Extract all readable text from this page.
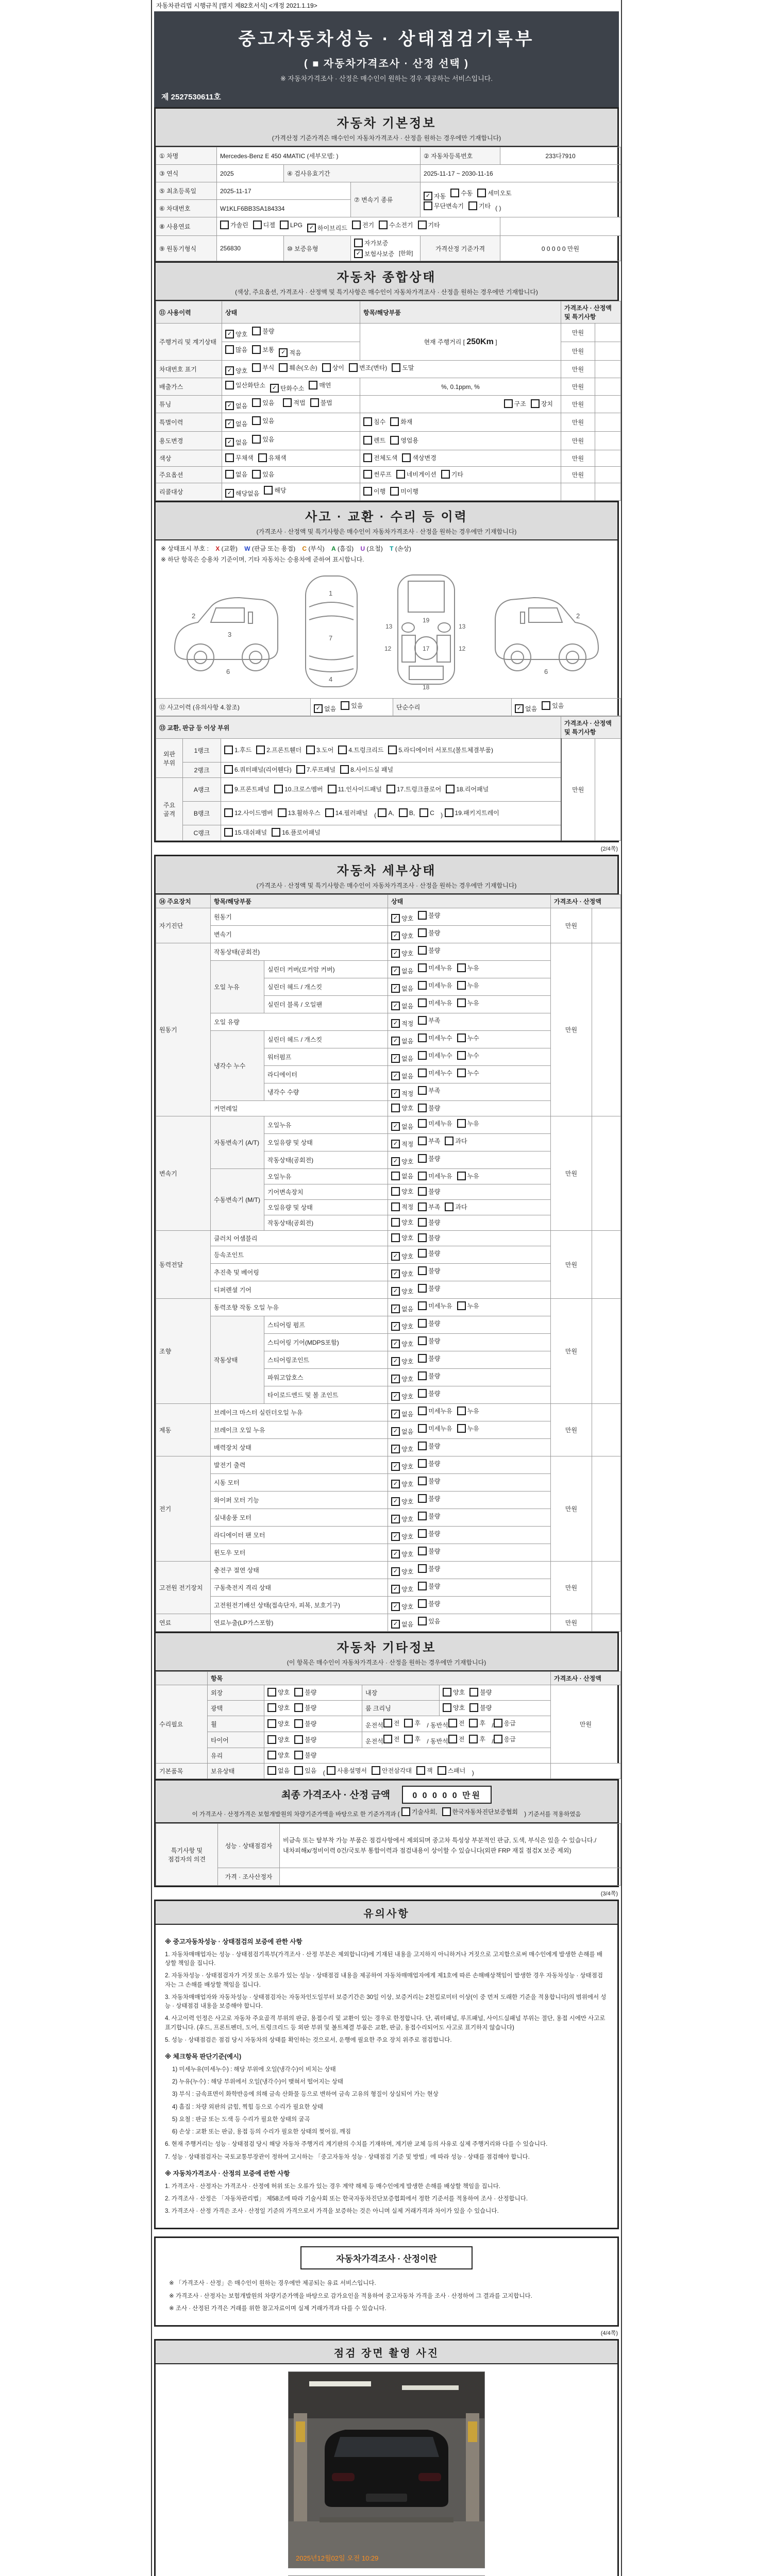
자동차관리법 시행규칙 [별지 제82호서식] <개정 2021.1.19>
중고자동차성능 · 상태점검기록부
( ■ 자동차가격조사 · 산정 선택 )
※ 자동차가격조사 · 산정은 매수인이 원하는 경우 제공하는 서비스입니다.
제 2527530611호
자동차 기본정보
(가격산정 기준가격은 매수인이 자동차가격조사 · 산정을 원하는 경우에만 기재합니다)
① 차명	Mercedes-Benz E 450 4MATIC (세부모델: )			② 자동차등록번호	233다7910
③ 연식	2025	④ 검사유효기간		2025-11-17 ~ 2030-11-16	
⑤ 최초등록일	2025-11-17	⑦ 변속기 종류	
✓ 자동 수동 세미오토
무단변속기 기타 ( )

⑥ 차대번호	W1KLF6BB3SA184334				
⑧ 사용연료	가솔린 디젤 LPG	✓ 하이브리드 전기 수소전기 기타

⑨ 원동기형식	256830	⑩ 보증유형	자가보증
✓ 보험사보증 [한화]	가격산정 기준가격	0 0 0 0 0 만원
자동차 종합상태
(색상, 주요옵션, 가격조사 · 산정액 및 특기사항은 매수인이 자동차가격조사 · 산정을 원하는 경우에만 기재합니다)
⑪ 사용이력	상태	항목/해당부품	가격조사 · 산정액 및 특기사항	
주행거리 및 계기상태	✓ 양호 불량	현재 주행거리 [ 250Km ]	만원	

	많음 보통 ✓ 적음		만원	
차대번호 표기	✓ 양호 부식 훼손(오손) 상이 변조(변타) 도말	만원	
배출가스	일산화탄소 ✓ 탄화수소 매연	%, 0.1ppm, %	만원	
튜닝	✓ 없음 있음 적법 불법	구조 장치	만원	
특별이력	✓ 없음 있음	침수 화재	만원	
용도변경	✓ 없음 있음	렌트 영업용	만원	
색상	무채색 유채색	전체도색 색상변경	만원	
주요옵션	없음 있음	썬루프 네비게이션 기타	만원	
리콜대상	✓ 해당없음 해당	이행 미이행		

사고 · 교환 · 수리 등 이력
(가격조사 · 산정액 및 특기사항은 매수인이 자동차가격조사 · 산정을 원하는 경우에만 기재합니다)
※ 상태표시 부호 : X (교환) W (판금 또는 용접) C (부식) A (흠집) U (요철) T (손상)
※ 하단 항목은 승용차 기준이며, 기타 자동차는 승용차에 준하여 표시합니다.
2
3
6
1
7
4
13	13
19
12	12
17
18
2
6
⑫ 사고이력 (유의사항 4.참조)	✓ 없음 있음	단순수리	✓ 없음 있음
⑬ 교환, 판금 등 이상 부위			가격조사 · 산정액 및 특기사항	
외판 부위	1랭크	1.후드 2.프론트휀더 3.도어 4.트렁크리드 5.라디에이터 서포트(볼트체결부품)	만원	
	2랭크	6.쿼터패널(리어휀다) 7.루프패널 8.사이드실 패널		

주요 골격	A랭크	9.프론트패널 10.크로스멤버 11.인사이드패널 17.트렁크플로어 18.리어패널		

B랭크	12.사이드멤버 13.휠하우스 14.필러패널 ( A, B, C ) 19.패키지트레이

	C랭크	15.대쉬패널 16.플로어패널		
(2/4쪽)
자동차 세부상태
(가격조사 · 산정액 및 특기사항은 매수인이 자동차가격조사 · 산정을 원하는 경우에만 기재합니다)
⑭ 주요장치	항목/해당부품		상태	가격조사 · 산정액	
자기진단	원동기		✓ 양호 불량	만원	
	변속기		✓ 양호 불량		

원동기	작동상태(공회전)		✓ 양호 불량	만원	
	오일 누유	실린더 커버(로커암 커버)	✓ 없음 미세누유 누유		

		실린더 헤드 / 개스킷	✓ 없음 미세누유 누유		

		실린더 블록 / 오일팬	✓ 없음 미세누유 누유		

	오일 유량		✓ 적정 부족		

	냉각수 누수	실린더 헤드 / 개스킷	✓ 없음 미세누수 누수		

		워터펌프	✓ 없음 미세누수 누수		

		라디에이터	✓ 없음 미세누수 누수		

		냉각수 수량	✓ 적정 부족		

	커먼레일		양호 불량		

변속기	자동변속기 (A/T)	오일누유	✓ 없음 미세누유 누유	만원	
		오일유량 및 상태	✓ 적정 부족 과다		

		작동상태(공회전)	✓ 양호 불량		

	수동변속기 (M/T)	오일누유	없음 미세누유 누유		

		기어변속장치	양호 불량		

		오일유량 및 상태	적정 부족 과다		

		작동상태(공회전)	양호 불량		

동력전달	클러치 어셈블리		양호 불량	만원	
	등속조인트		✓ 양호 불량		

	추진축 및 베어링		✓ 양호 불량		

	디퍼렌셜 기어		✓ 양호 불량		

조향	동력조향 작동 오일 누유		✓ 없음 미세누유 누유	만원	
	작동상태	스티어링 펌프	✓ 양호 불량		

		스티어링 기어(MDPS포함)	✓ 양호 불량		

		스티어링조인트	✓ 양호 불량		

		파워고압호스	✓ 양호 불량		

		타이로드엔드 및 볼 조인트	✓ 양호 불량		

제동	브레이크 마스터 실린더오일 누유		✓ 없음 미세누유 누유	만원	
	브레이크 오일 누유		✓ 없음 미세누유 누유		

	배력장치 상태		✓ 양호 불량		

전기	발전기 출력		✓ 양호 불량	만원	
	시동 모터		✓ 양호 불량		

	와이퍼 모터 기능		✓ 양호 불량		

	실내송풍 모터		✓ 양호 불량		

	라디에이터 팬 모터		✓ 양호 불량		

	윈도우 모터		✓ 양호 불량		

고전원 전기장치	충전구 절연 상태		✓ 양호 불량	만원	
	구동축전지 격리 상태		✓ 양호 불량		

	고전원전기배선 상태(접속단자, 피복, 보호기구)		✓ 양호 불량		

연료	연료누출(LP가스포함)		✓ 없음 있음	만원	
자동차 기타정보
(이 항목은 매수인이 자동차가격조사 · 산정을 원하는 경우에만 기재합니다)
	항목				가격조사 · 산정액
수리필요	외장	양호 불량	내장	양호 불량	만원
	광택	양호 불량	룸 크리닝	양호 불량	

휠	양호 불량	운전석 전 후 / 동반석 전 후 / 응급

타이어	양호 불량	운전석 전 후 / 동반석 전 후 / 응급

	유리	양호 불량			

기본품목	보유상태	없음 있음 ( 사용설명서 안전삼각대 잭 스패너 )	
최종 가격조사 · 산정 금액	0 0 0 0 0 만원
이 가격조사 · 산정가격은 보험개발원의 차량기준가액을 바탕으로 한 기준가격과 ( 기술사회, 한국자동차진단보증협회 ) 기준서를 적용하였음
특기사항 및 점검자의 의견	성능 · 상태점검자	비금속 또는 탈부착 가능 부품은 점검사항에서 제외되며 중고차 특성상 부분적인 판금, 도색, 부식은 있을 수 있습니다./내차피해x/정비이력 0건/국토부 통합이력과 점검내용이 상이할 수 있습니다(외판 FRP 재질 점검X 보증 제외)
	가격 · 조사산정자	
(3/4쪽)
유의사항
※ 중고자동차성능 · 상태점검의 보증에 관한 사항
1. 자동차매매업자는 성능 · 상태점검기록부(가격조사 · 산정 부분은 제외합니다)에 기재된 내용을 고지하지 아니하거나 거짓으로 고지함으로써 매수인에게 발생한 손해를 배상할 책임을 집니다.
2. 자동차성능 · 상태점검자가 거짓 또는 오류가 있는 성능 · 상태점검 내용을 제공하여 자동차매매업자에게 제1호에 따른 손해배상책임이 발생한 경우 자동차성능 · 상태점검자는 그 손해를 배상할 책임을 집니다.
3. 자동차매매업자와 자동차성능 · 상태점검자는 자동차인도일부터 보증기간은 30일 이상, 보증거리는 2천킬로미터 이상(이 중 먼저 도래한 기준을 적용합니다)의 범위에서 성능 · 상태점검 내용을 보증해야 합니다.
4. 사고이력 인정은 사고로 자동차 주요골격 부위의 판금, 용접수리 및 교환이 있는 경우로 한정합니다. 단, 쿼터패널, 루프패널, 사이드실패널 부위는 절단, 용접 시에만 사고로 표기합니다. (후드, 프론트펜더, 도어, 트렁크리드 등 외판 부위 및 볼트체결 부품은 교환, 판금, 용접수리되어도 사고로 표기하지 않습니다)
5. 성능 · 상태점검은 점검 당시 자동차의 상태를 확인하는 것으로서, 운행에 필요한 주요 장치 위주로 점검합니다.
※ 체크항목 판단기준(예시)
1) 미세누유(미세누수) : 해당 부위에 오일(냉각수)이 비치는 상태
2) 누유(누수) : 해당 부위에서 오일(냉각수)이 맺혀서 떨어지는 상태
3) 부식 : 금속표면이 화학반응에 의해 금속 산화물 등으로 변하여 금속 고유의 형질이 상실되어 가는 현상
4) 흠집 : 차량 외판의 긁힘, 찍힘 등으로 수리가 필요한 상태
5) 요철 : 판금 또는 도색 등 수리가 필요한 상태의 굴곡
6) 손상 : 교환 또는 판금, 용접 등의 수리가 필요한 상태의 찢어짐, 깨짐
6. 현재 주행거리는 성능 · 상태점검 당시 해당 자동차 주행거리 계기판의 수치를 기재하며, 계기판 교체 등의 사유로 실제 주행거리와 다를 수 있습니다.
7. 성능 · 상태점검자는 국토교통부장관이 정하여 고시하는 「중고자동차 성능 · 상태점검 기준 및 방법」에 따라 성능 · 상태를 점검해야 합니다.
※ 자동차가격조사 · 산정의 보증에 관한 사항
1. 가격조사 · 산정자는 가격조사 · 산정에 허위 또는 오류가 있는 경우 계약 해제 등 매수인에게 발생한 손해를 배상할 책임을 집니다.
2. 가격조사 · 산정은 「자동차관리법」 제58조에 따라 기술사회 또는 한국자동차진단보증협회에서 정한 기준서를 적용하여 조사 · 산정합니다.
3. 가격조사 · 산정 가격은 조사 · 산정일 기준의 가격으로서 가격을 보증하는 것은 아니며 실제 거래가격과 차이가 있을 수 있습니다.
자동차가격조사 · 산정이란
※ 「가격조사 · 산정」은 매수인이 원하는 경우에만 제공되는 유료 서비스입니다.
※ 가격조사 · 산정자는 보험개발원의 차량기준가액을 바탕으로 감가요인을 적용하여 중고자동차 가격을 조사 · 산정하여 그 결과를 고지합니다.
※ 조사 · 산정된 가격은 거래를 위한 참고자료이며 실제 거래가격과 다를 수 있습니다.
(4/4쪽)
점검 장면 촬영 사진
2025년12월02일 오전 10:29
